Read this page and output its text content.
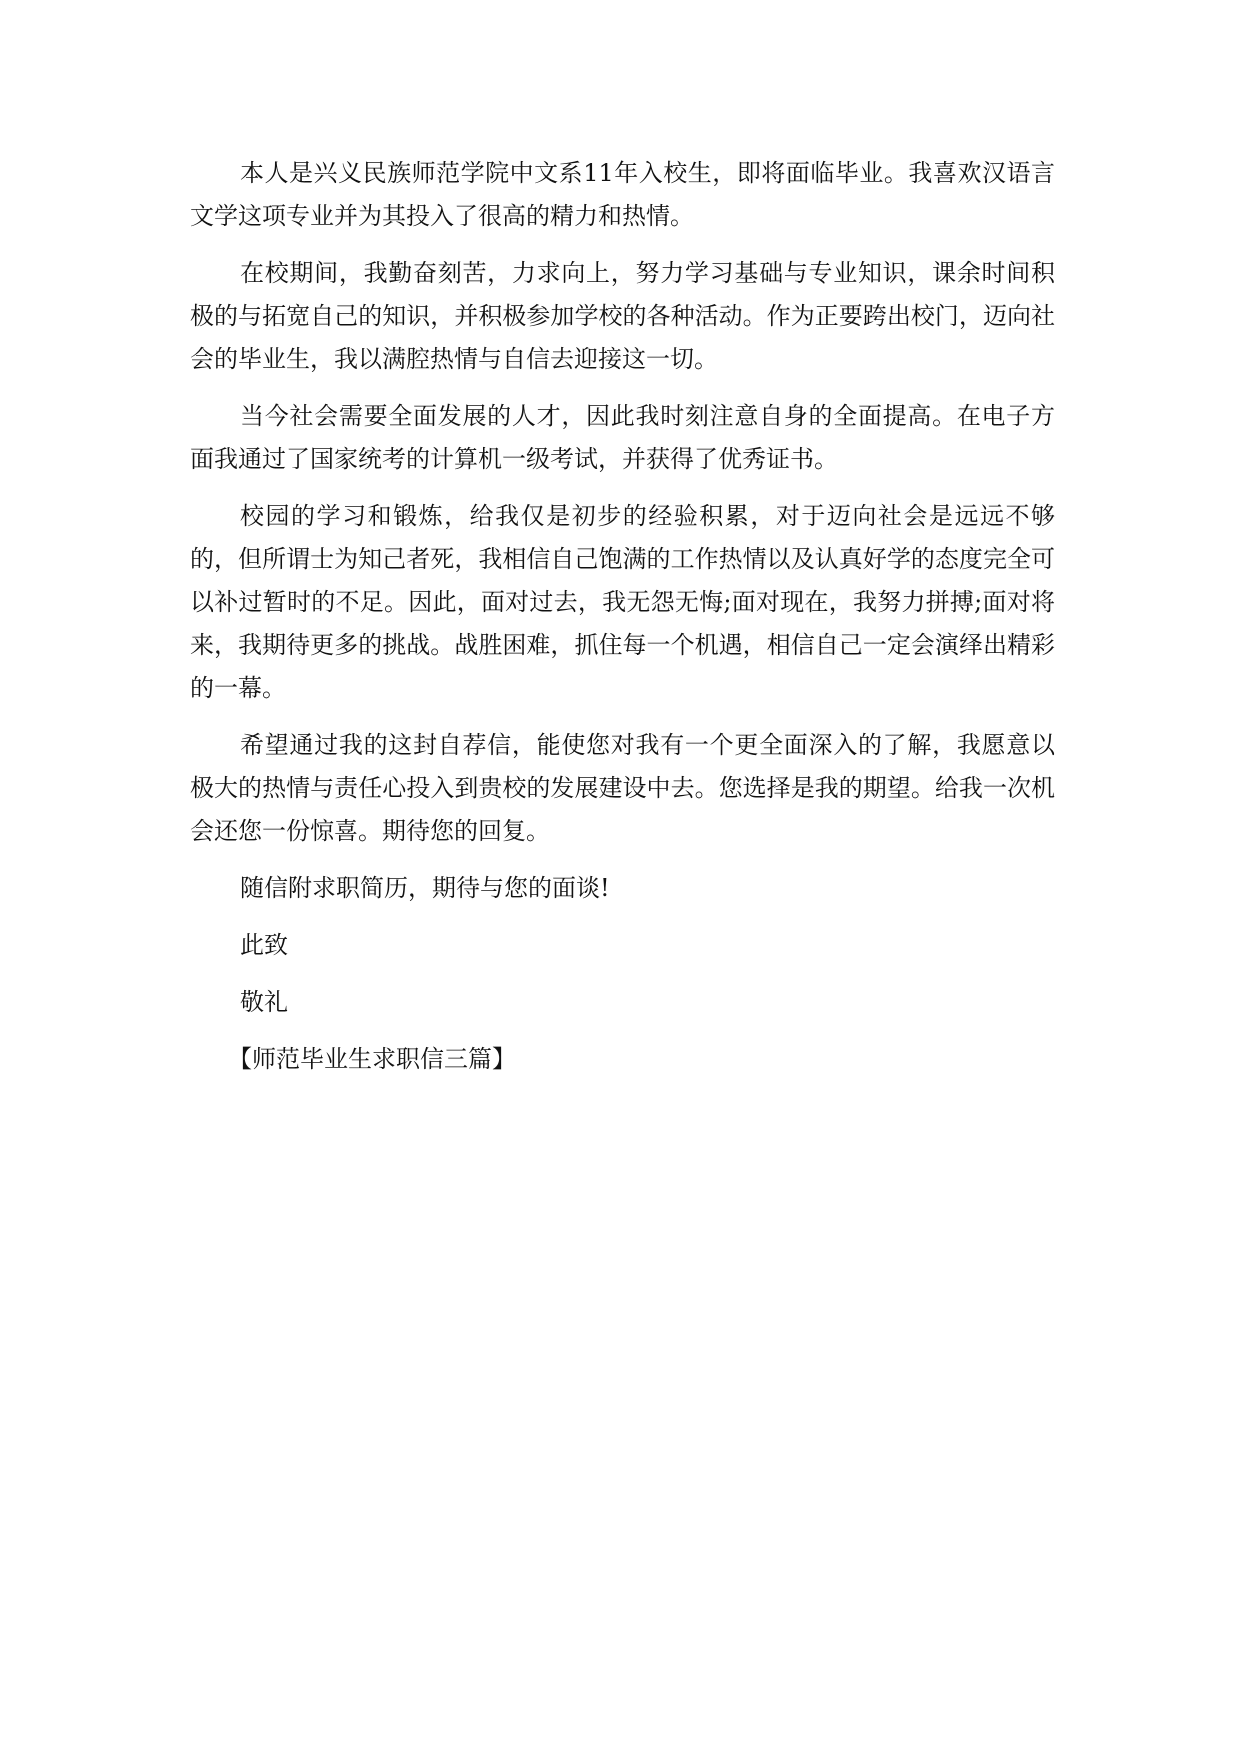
本人是兴义民族师范学院中文系11年入校生，即将面临毕业。我喜欢汉语言文学这项专业并为其投入了很高的精力和热情。

在校期间，我勤奋刻苦，力求向上，努力学习基础与专业知识，课余时间积极的与拓宽自己的知识，并积极参加学校的各种活动。作为正要跨出校门，迈向社会的毕业生，我以满腔热情与自信去迎接这一切。

当今社会需要全面发展的人才，因此我时刻注意自身的全面提高。在电子方面我通过了国家统考的计算机一级考试，并获得了优秀证书。

校园的学习和锻炼，给我仅是初步的经验积累，对于迈向社会是远远不够的，但所谓士为知己者死，我相信自己饱满的工作热情以及认真好学的态度完全可以补过暂时的不足。因此，面对过去，我无怨无悔;面对现在，我努力拼搏;面对将来，我期待更多的挑战。战胜困难，抓住每一个机遇，相信自己一定会演绎出精彩的一幕。

希望通过我的这封自荐信，能使您对我有一个更全面深入的了解，我愿意以极大的热情与责任心投入到贵校的发展建设中去。您选择是我的期望。给我一次机会还您一份惊喜。期待您的回复。

随信附求职简历，期待与您的面谈!
此致
敬礼
【师范毕业生求职信三篇】
